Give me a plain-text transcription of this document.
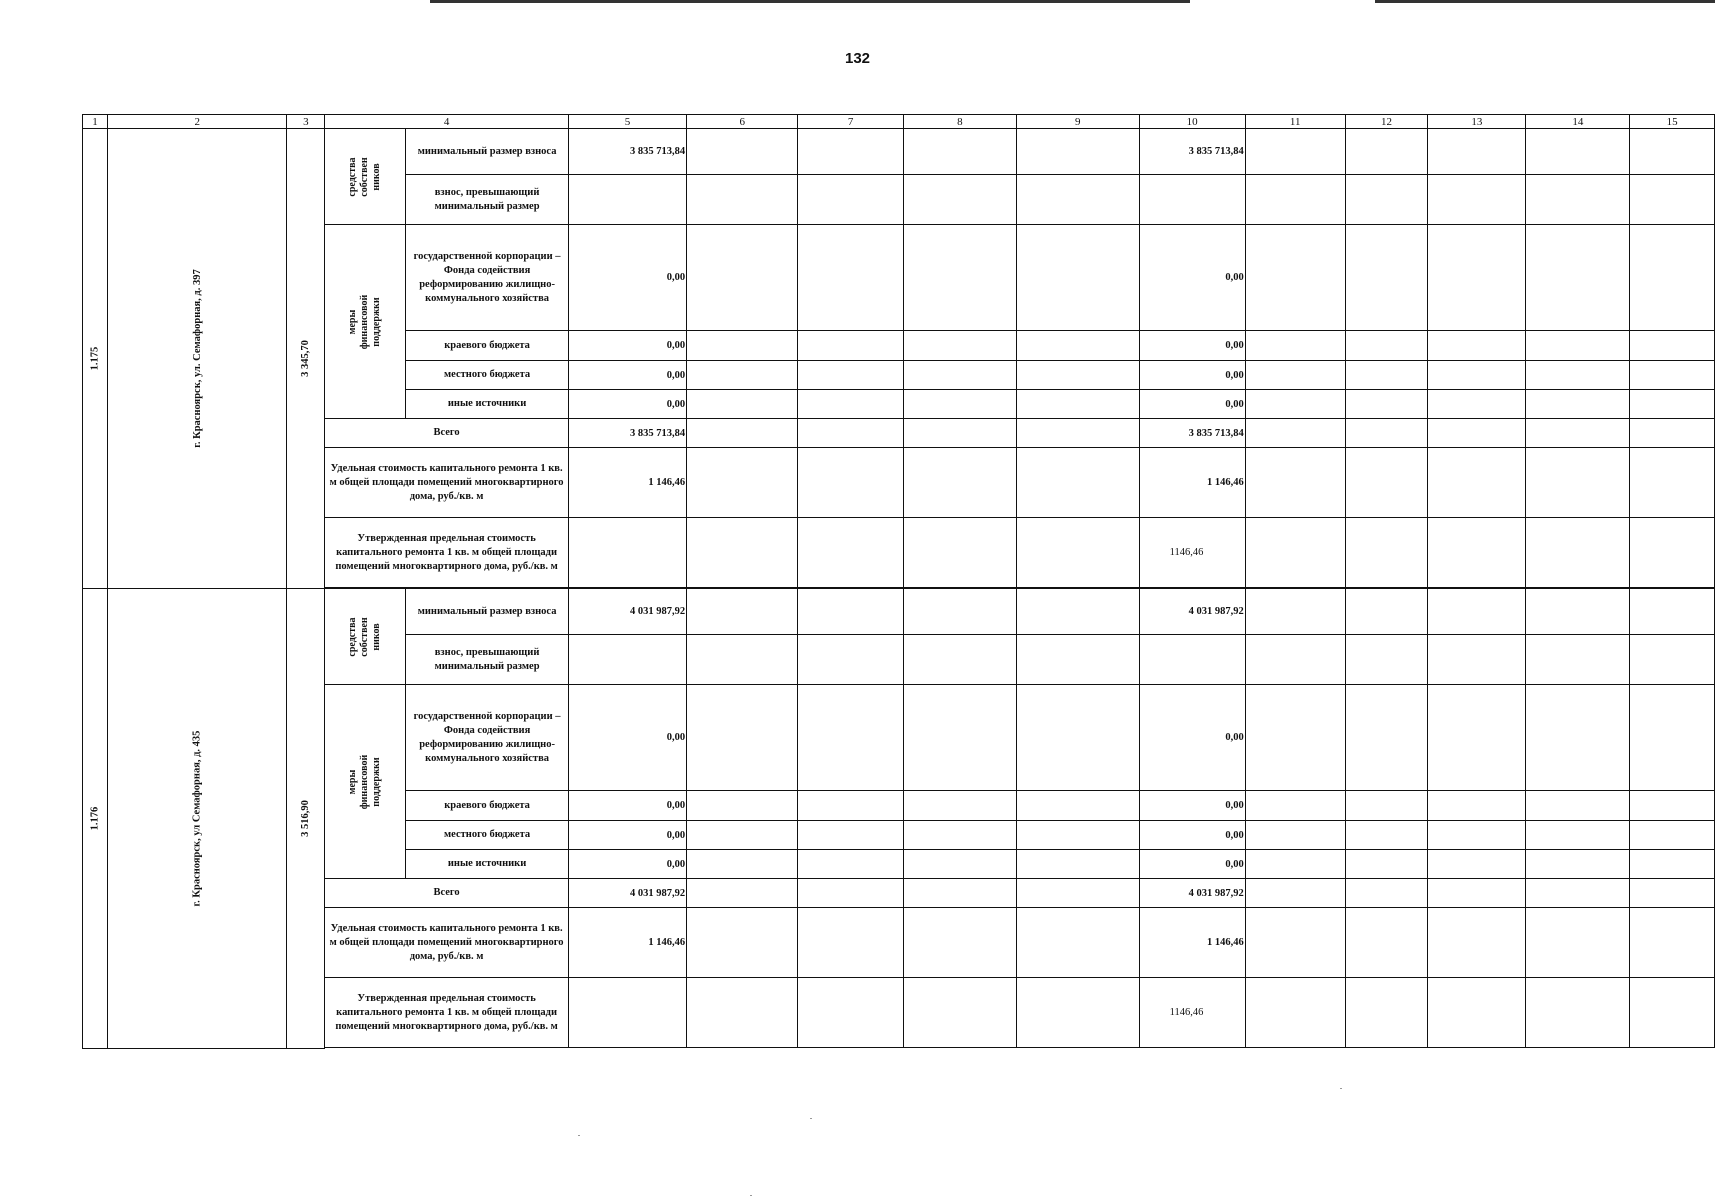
132
1	2	3	4		5	6	7	8	9	10	11	12	13	14	15
1.175	г. Красноярск, ул. Семафорная, д. 397	3 345,70	средства собствен ников	минимальный размер взноса	3 835 713,84					3 835 713,84					
				взнос, превышающий минимальный размер											
			меры финансовой поддержки	государственной корпорации – Фонда содействия реформированию жилищно-коммунального хозяйства	0,00					0,00					
				краевого бюджета	0,00					0,00					
				местного бюджета	0,00					0,00					
				иные источники	0,00					0,00					
			Всего		3 835 713,84					3 835 713,84					
			Удельная стоимость капитального ремонта 1 кв. м общей площади помещений многоквартирного дома, руб./кв. м		1 146,46					1 146,46					
			Утвержденная предельная стоимость капитального ремонта 1 кв. м общей площади помещений многоквартирного дома, руб./кв. м							1146,46					

1.176	г. Красноярск, ул Семафорная, д. 435	3 516,90	средства собствен ников	минимальный размер взноса	4 031 987,92					4 031 987,92					
				взнос, превышающий минимальный размер											
			меры финансовой поддержки	государственной корпорации – Фонда содействия реформированию жилищно-коммунального хозяйства	0,00					0,00					
				краевого бюджета	0,00					0,00					
				местного бюджета	0,00					0,00					
				иные источники	0,00					0,00					
			Всего		4 031 987,92					4 031 987,92					
			Удельная стоимость капитального ремонта 1 кв. м общей площади помещений многоквартирного дома, руб./кв. м		1 146,46					1 146,46					
			Утвержденная предельная стоимость капитального ремонта 1 кв. м общей площади помещений многоквартирного дома, руб./кв. м							1146,46					
